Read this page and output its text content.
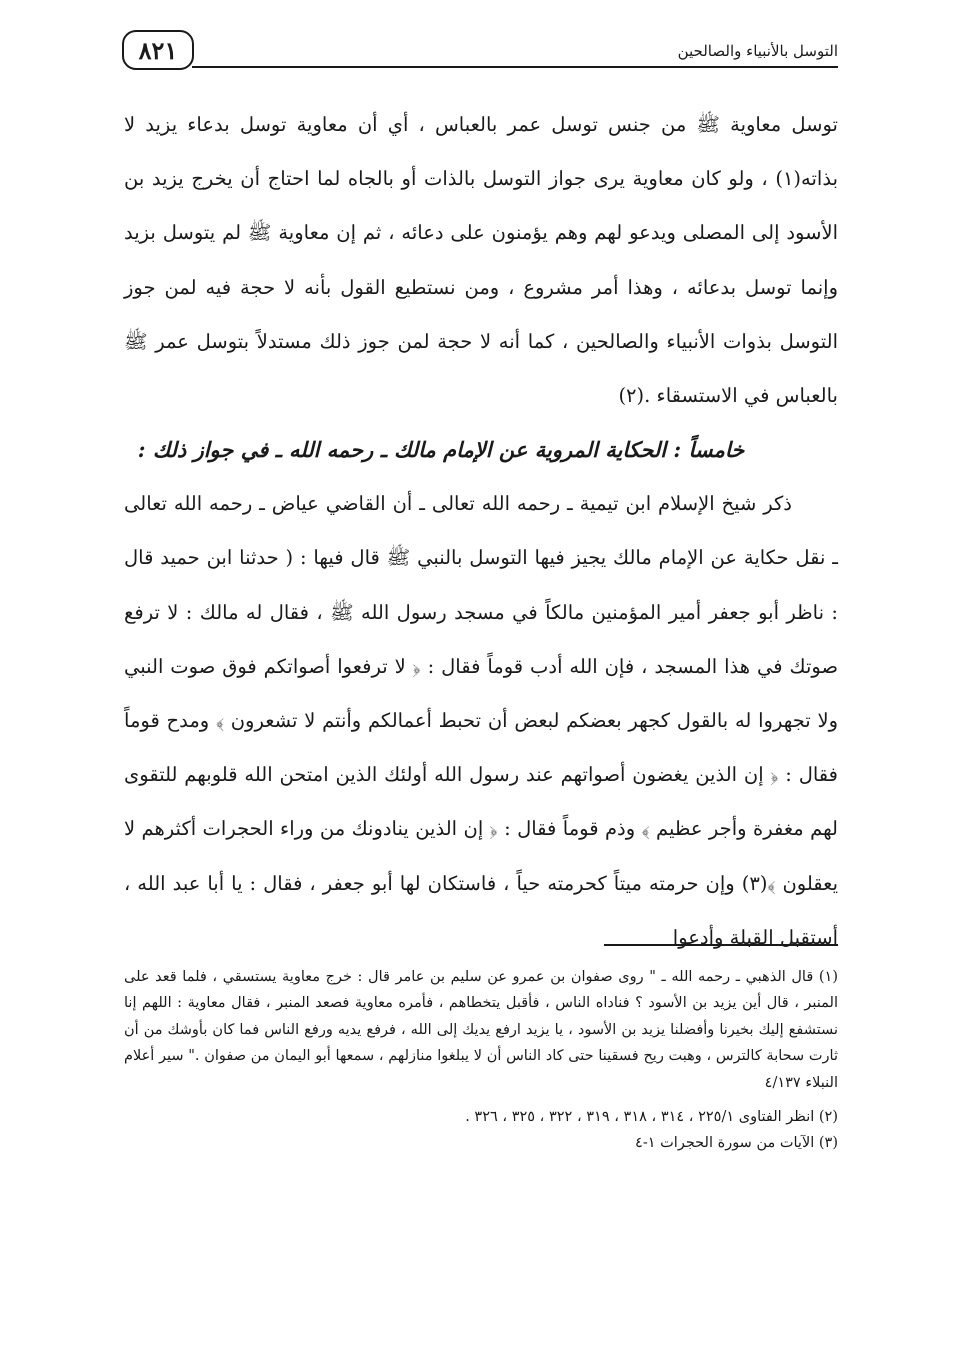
٨٢١	التوسل بالأنبياء والصالحين

توسل معاوية ﷺ من جنس توسل عمر بالعباس ، أي أن معاوية توسل بدعاء يزيد لا بذاته(١) ، ولو كان معاوية يرى جواز التوسل بالذات أو بالجاه لما احتاج أن يخرج يزيد بن الأسود إلى المصلى ويدعو لهم وهم يؤمنون على دعائه ، ثم إن معاوية ﷺ لم يتوسل بزيد وإنما توسل بدعائه ، وهذا أمر مشروع ، ومن نستطيع القول بأنه لا حجة فيه لمن جوز التوسل بذوات الأنبياء والصالحين ، كما أنه لا حجة لمن جوز ذلك مستدلاً بتوسل عمر ﷺ بالعباس في الاستسقاء .(٢)

خامساً : الحكاية المروية عن الإمام مالك ـ رحمه الله ـ في جواز ذلك :

ذكر شيخ الإسلام ابن تيمية ـ رحمه الله تعالى ـ أن القاضي عياض ـ رحمه الله تعالى ـ نقل حكاية عن الإمام مالك يجيز فيها التوسل بالنبي ﷺ قال فيها : ( حدثنا ابن حميد قال : ناظر أبو جعفر أمير المؤمنين مالكاً في مسجد رسول الله ﷺ ، فقال له مالك : لا ترفع صوتك في هذا المسجد ، فإن الله أدب قوماً فقال : ﴿ لا ترفعوا أصواتكم فوق صوت النبي ولا تجهروا له بالقول كجهر بعضكم لبعض أن تحبط أعمالكم وأنتم لا تشعرون ﴾ ومدح قوماً فقال : ﴿ إن الذين يغضون أصواتهم عند رسول الله أولئك الذين امتحن الله قلوبهم للتقوى لهم مغفرة وأجر عظيم ﴾ وذم قوماً فقال : ﴿ إن الذين ينادونك من وراء الحجرات أكثرهم لا يعقلون ﴾(٣) وإن حرمته ميتاً كحرمته حياً ، فاستكان لها أبو جعفر ، فقال : يا أبا عبد الله ، أستقبل القبلة وأدعوا

(١) قال الذهبي ـ رحمه الله ـ " روى صفوان بن عمرو عن سليم بن عامر قال : خرج معاوية يستسقي ، فلما قعد على المنبر ، قال أين يزيد بن الأسود ؟ فناداه الناس ، فأقبل يتخطاهم ، فأمره معاوية فصعد المنبر ، فقال معاوية : اللهم إنا نستشفع إليك بخيرنا وأفضلنا يزيد بن الأسود ، يا يزيد ارفع يديك إلى الله ، فرفع يديه ورفع الناس فما كان بأوشك من أن ثارت سحابة كالترس ، وهبت ريح فسقينا حتى كاد الناس أن لا يبلغوا منازلهم ، سمعها أبو اليمان من صفوان ." سير أعلام النبلاء ٤/١٣٧

(٢) انظر الفتاوى ٢٢٥/١ ، ٣١٤ ، ٣١٨ ، ٣١٩ ، ٣٢٢ ، ٣٢٥ ، ٣٢٦ .

(٣) الآيات من سورة الحجرات ١-٤
